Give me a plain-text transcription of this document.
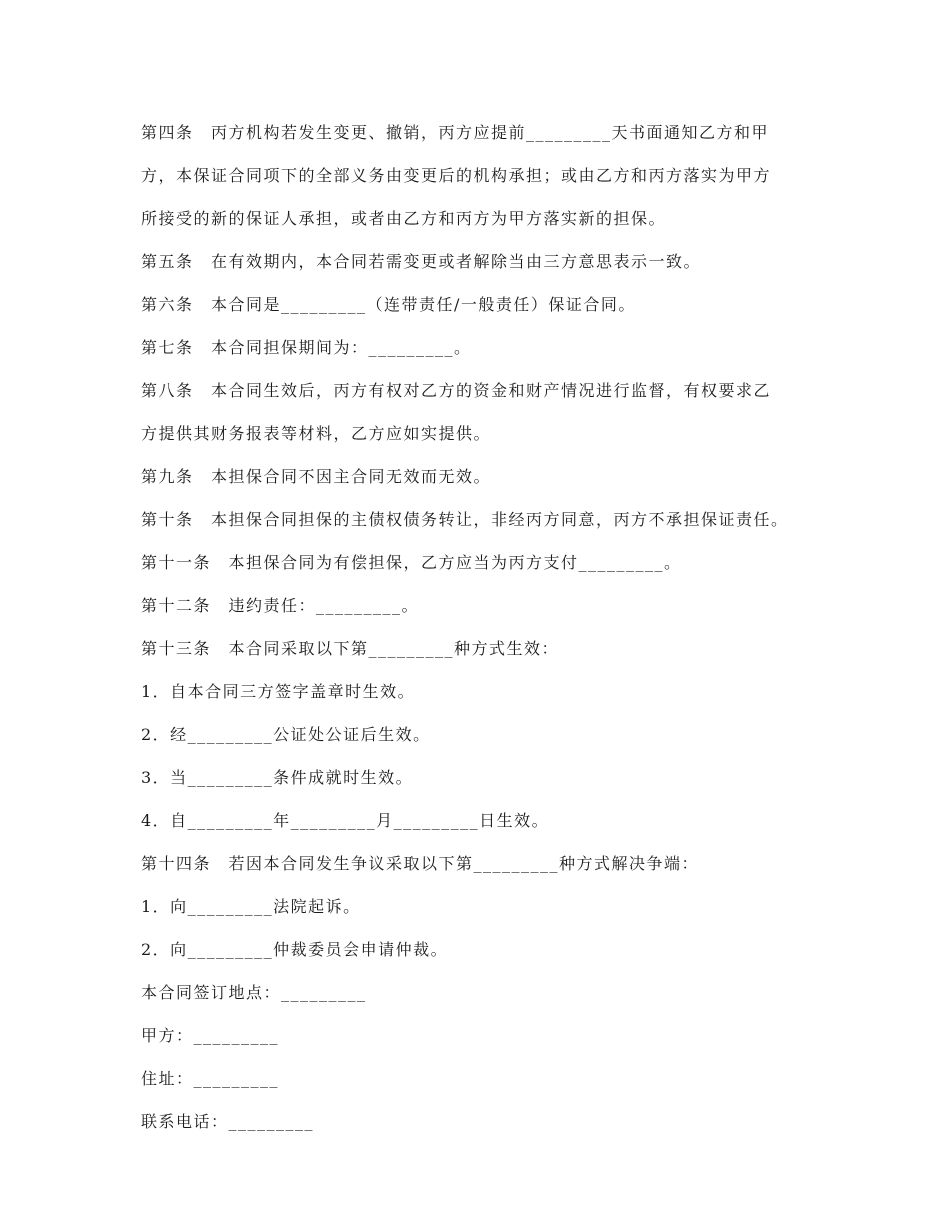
第四条　丙方机构若发生变更、撤销，丙方应提前_________天书面通知乙方和甲
方，本保证合同项下的全部义务由变更后的机构承担；或由乙方和丙方落实为甲方
所接受的新的保证人承担，或者由乙方和丙方为甲方落实新的担保。
第五条　在有效期内，本合同若需变更或者解除当由三方意思表示一致。
第六条　本合同是_________（连带责任/一般责任）保证合同。
第七条　本合同担保期间为：_________。
第八条　本合同生效后，丙方有权对乙方的资金和财产情况进行监督，有权要求乙
方提供其财务报表等材料，乙方应如实提供。
第九条　本担保合同不因主合同无效而无效。
第十条　本担保合同担保的主债权债务转让，非经丙方同意，丙方不承担保证责任。
第十一条　本担保合同为有偿担保，乙方应当为丙方支付_________。
第十二条　违约责任：_________。
第十三条　本合同采取以下第_________种方式生效：
1．自本合同三方签字盖章时生效。
2．经_________公证处公证后生效。
3．当_________条件成就时生效。
4．自_________年_________月_________日生效。
第十四条　若因本合同发生争议采取以下第_________种方式解决争端：
1．向_________法院起诉。
2．向_________仲裁委员会申请仲裁。
本合同签订地点：_________
甲方：_________
住址：_________
联系电话：_________
